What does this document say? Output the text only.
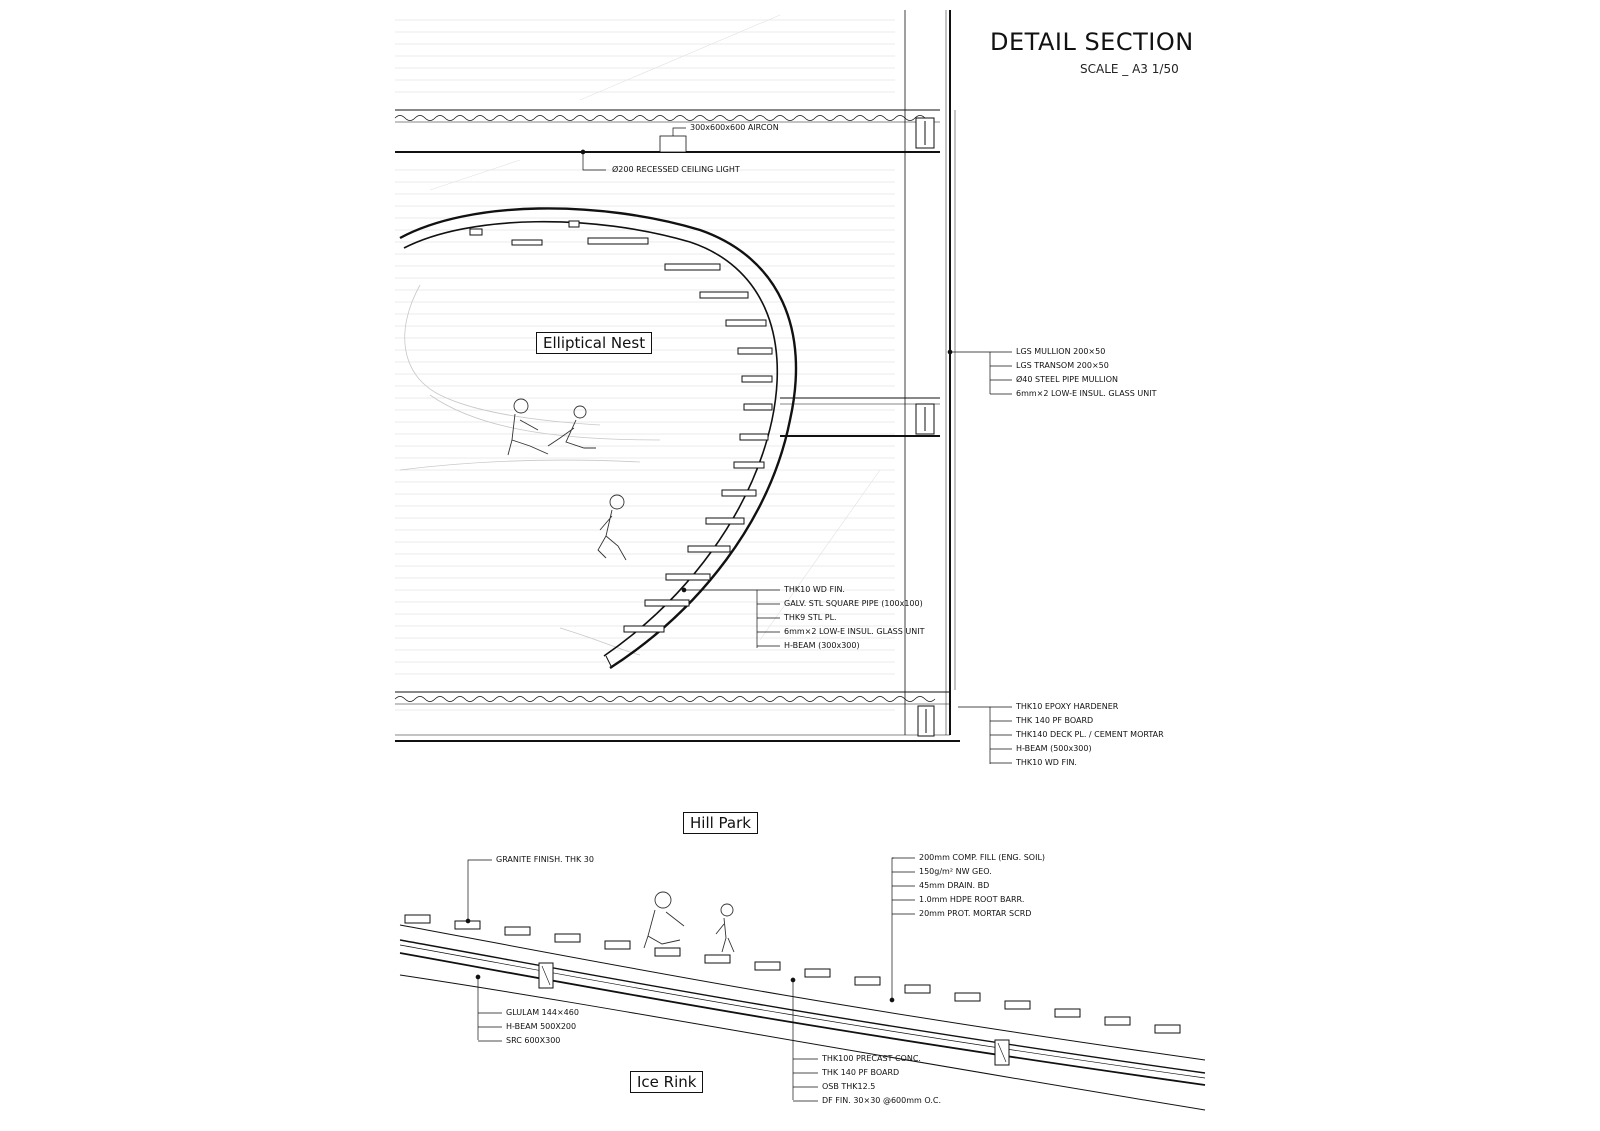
DETAIL SECTION
SCALE _ A3 1/50
Elliptical Nest
Hill Park
Ice Rink
300x600x600 AIRCON
Ø200 RECESSED CEILING LIGHT
LGS MULLION 200×50
LGS TRANSOM 200×50
Ø40 STEEL PIPE MULLION
6mm×2 LOW-E INSUL. GLASS UNIT
THK10 WD FIN.
GALV. STL SQUARE PIPE (100x100)
THK9 STL PL.
6mm×2 LOW-E INSUL. GLASS UNIT
H-BEAM (300x300)
THK10 EPOXY HARDENER
THK 140 PF BOARD
THK140 DECK PL. / CEMENT MORTAR
H-BEAM (500x300)
THK10 WD FIN.
GRANITE FINISH. THK 30	200mm COMP. FILL (ENG. SOIL)
150g/m² NW GEO.
45mm DRAIN. BD
1.0mm HDPE ROOT BARR.
20mm PROT. MORTAR SCRD
GLULAM 144×460
H-BEAM 500X200
SRC 600X300
THK100 PRECAST CONC.
THK 140 PF BOARD
OSB THK12.5
DF FIN. 30×30 @600mm O.C.
